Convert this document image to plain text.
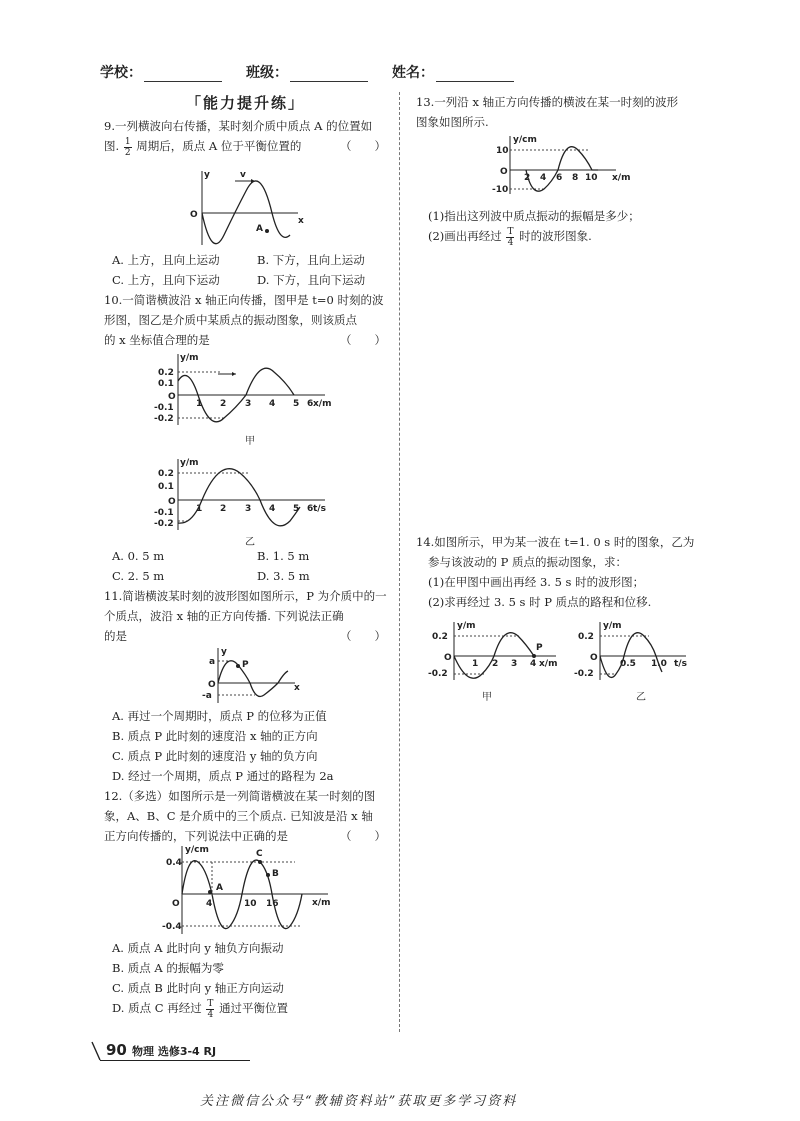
学校：	班级：	姓名：
「能力提升练」
9.一列横波向右传播，某时刻介质中质点 A 的位置如
图. $\frac{1}{2}$ 周期后，质点 A 位于平衡位置的	（　　）
y
x
O
v
A
A. 上方，且向上运动	B. 下方，且向上运动
C. 上方，且向下运动	D. 下方，且向下运动
10.一简谐横波沿 x 轴正向传播，图甲是 t=0 时刻的波
形图，图乙是介质中某质点的振动图象，则该质点
的 x 坐标值合理的是	（　　）
y/m
x/m
O
0.2
0.1
-0.1
-0.2
1 2 3 4 5 6
甲
y/m
t/s
O
0.2
0.1
-0.1
-0.2
1 2 3 4 5 6
乙
A. 0. 5 m	B. 1. 5 m
C. 2. 5 m	D. 3. 5 m
11.简谐横波某时刻的波形图如图所示，P 为介质中的一
个质点，波沿 x 轴的正方向传播. 下列说法正确
的是	（　　）
y
x
O
a
-a
P
A. 再过一个周期时，质点 P 的位移为正值
B. 质点 P 此时刻的速度沿 x 轴的正方向
C. 质点 P 此时刻的速度沿 y 轴的负方向
D. 经过一个周期，质点 P 通过的路程为 2a
12.（多选）如图所示是一列简谐横波在某一时刻的图
象，A、B、C 是介质中的三个质点. 已知波是沿 x 轴
正方向传播的，下列说法中正确的是	（　　）
y/cm
x/m
O
0.4
-0.4
4	10 16
A
B
C
A. 质点 A 此时向 y 轴负方向振动
B. 质点 A 的振幅为零
C. 质点 B 此时向 y 轴正方向运动
D. 质点 C 再经过 $\frac{T}{4}$ 通过平衡位置
13.一列沿 x 轴正方向传播的横波在某一时刻的波形
图象如图所示.
y/cm
x/m
O
10
-10
2 4 6 8 10
(1)指出这列波中质点振动的振幅是多少；
(2)画出再经过 $\frac{T}{4}$ 时的波形图象.
14.如图所示，甲为某一波在 t=1. 0 s 时的图象，乙为
参与该波动的 P 质点的振动图象，求：
(1)在甲图中画出再经 3. 5 s 时的波形图；
(2)求再经过 3. 5 s 时 P 质点的路程和位移.
y/m
x/m
O
0.2
-0.2
1 2 3 4
P
甲
y/m
t/s
O
0.2
-0.2
0.5 1.0
乙
90 物理 选修3-4 RJ
关注微信公众号“教辅资料站”获取更多学习资料
